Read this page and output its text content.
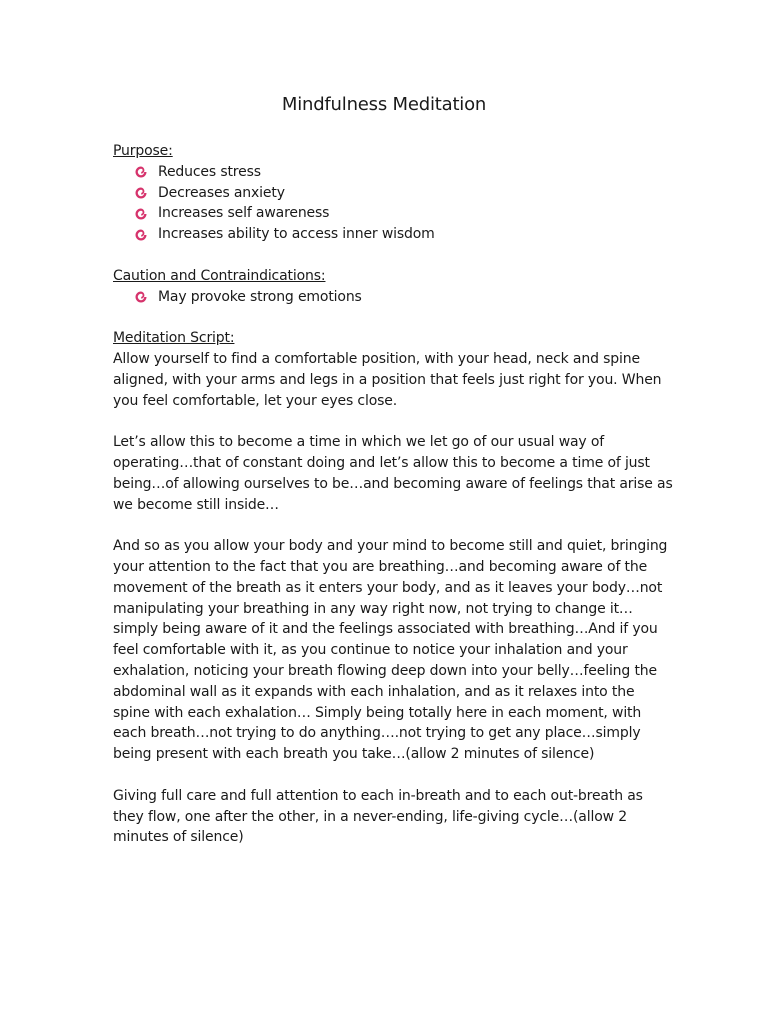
Mindfulness Meditation

Purpose:

Reduces stress
Decreases anxiety
Increases self awareness
Increases ability to access inner wisdom

Caution and Contraindications:

May provoke strong emotions

Meditation Script:

Allow yourself to find a comfortable position, with your head, neck and spine aligned, with your arms and legs in a position that feels just right for you. When you feel comfortable, let your eyes close.

Let’s allow this to become a time in which we let go of our usual way of operating…that of constant doing and let’s allow this to become a time of just being…of allowing ourselves to be…and becoming aware of feelings that arise as we become still inside…

And so as you allow your body and your mind to become still and quiet, bringing your attention to the fact that you are breathing…and becoming aware of the movement of the breath as it enters your body, and as it leaves your body…not manipulating your breathing in any way right now, not trying to change it…simply being aware of it and the feelings associated with breathing…And if you feel comfortable with it, as you continue to notice your inhalation and your exhalation, noticing your breath flowing deep down into your belly…feeling the abdominal wall as it expands with each inhalation, and as it relaxes into the spine with each exhalation… Simply being totally here in each moment, with each breath…not trying to do anything….not trying to get any place…simply being present with each breath you take…(allow 2 minutes of silence)

Giving full care and full attention to each in-breath and to each out-breath as they flow, one after the other, in a never-ending, life-giving cycle…(allow 2 minutes of silence)
